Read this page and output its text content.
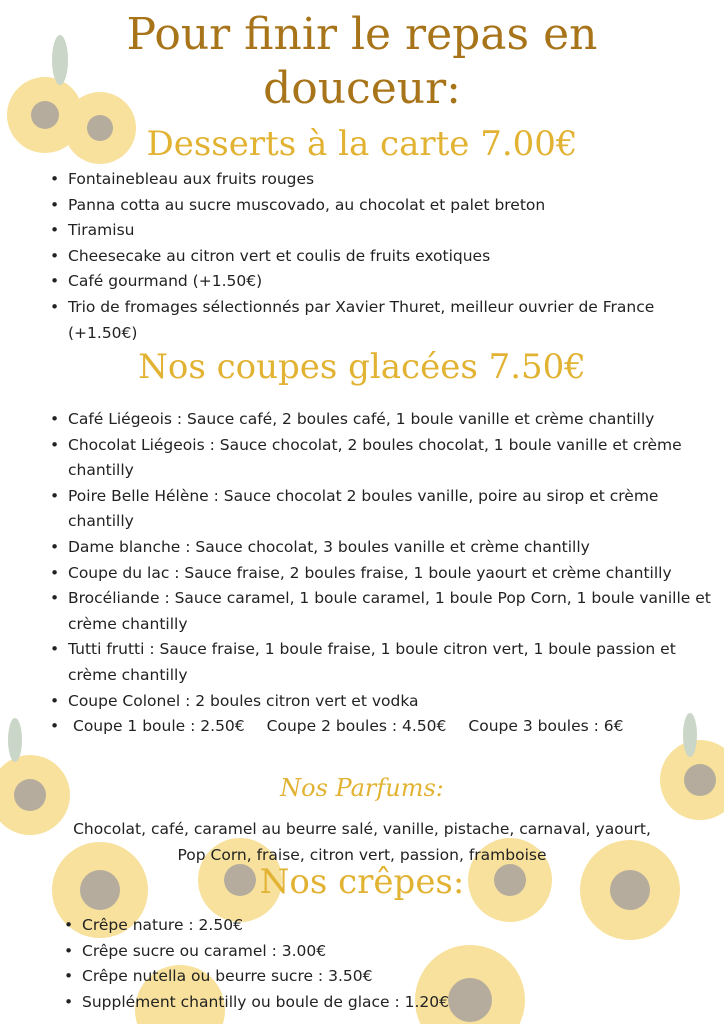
Pour finir le repas en douceur:
Desserts à la carte 7.00€
• Fontainebleau aux fruits rouges
• Panna cotta au sucre muscovado, au chocolat et palet breton
• Tiramisu
• Cheesecake au citron vert et coulis de fruits exotiques
• Café gourmand (+1.50€)
• Trio de fromages sélectionnés par Xavier Thuret, meilleur ouvrier de France (+1.50€)
Nos coupes glacées 7.50€
• Café Liégeois : Sauce café, 2 boules café, 1 boule vanille et crème chantilly
• Chocolat Liégeois : Sauce chocolat, 2 boules chocolat, 1 boule vanille et crème chantilly
• Poire Belle Hélène : Sauce chocolat 2 boules vanille, poire au sirop et crème chantilly
• Dame blanche : Sauce chocolat, 3 boules vanille et crème chantilly
• Coupe du lac : Sauce fraise, 2 boules fraise, 1 boule yaourt et crème chantilly
• Brocéliande : Sauce caramel, 1 boule caramel, 1 boule Pop Corn, 1 boule vanille et crème chantilly
• Tutti frutti : Sauce fraise, 1 boule fraise, 1 boule citron vert, 1 boule passion et crème chantilly
• Coupe Colonel : 2 boules citron vert et vodka
• Coupe 1 boule : 2.50€ Coupe 2 boules : 4.50€ Coupe 3 boules : 6€
Nos Parfums:
Chocolat, café, caramel au beurre salé, vanille, pistache, carnaval, yaourt, Pop Corn, fraise, citron vert, passion, framboise
Nos crêpes:
• Crêpe nature : 2.50€
• Crêpe sucre ou caramel : 3.00€
• Crêpe nutella ou beurre sucre : 3.50€
• Supplément chantilly ou boule de glace : 1.20€
